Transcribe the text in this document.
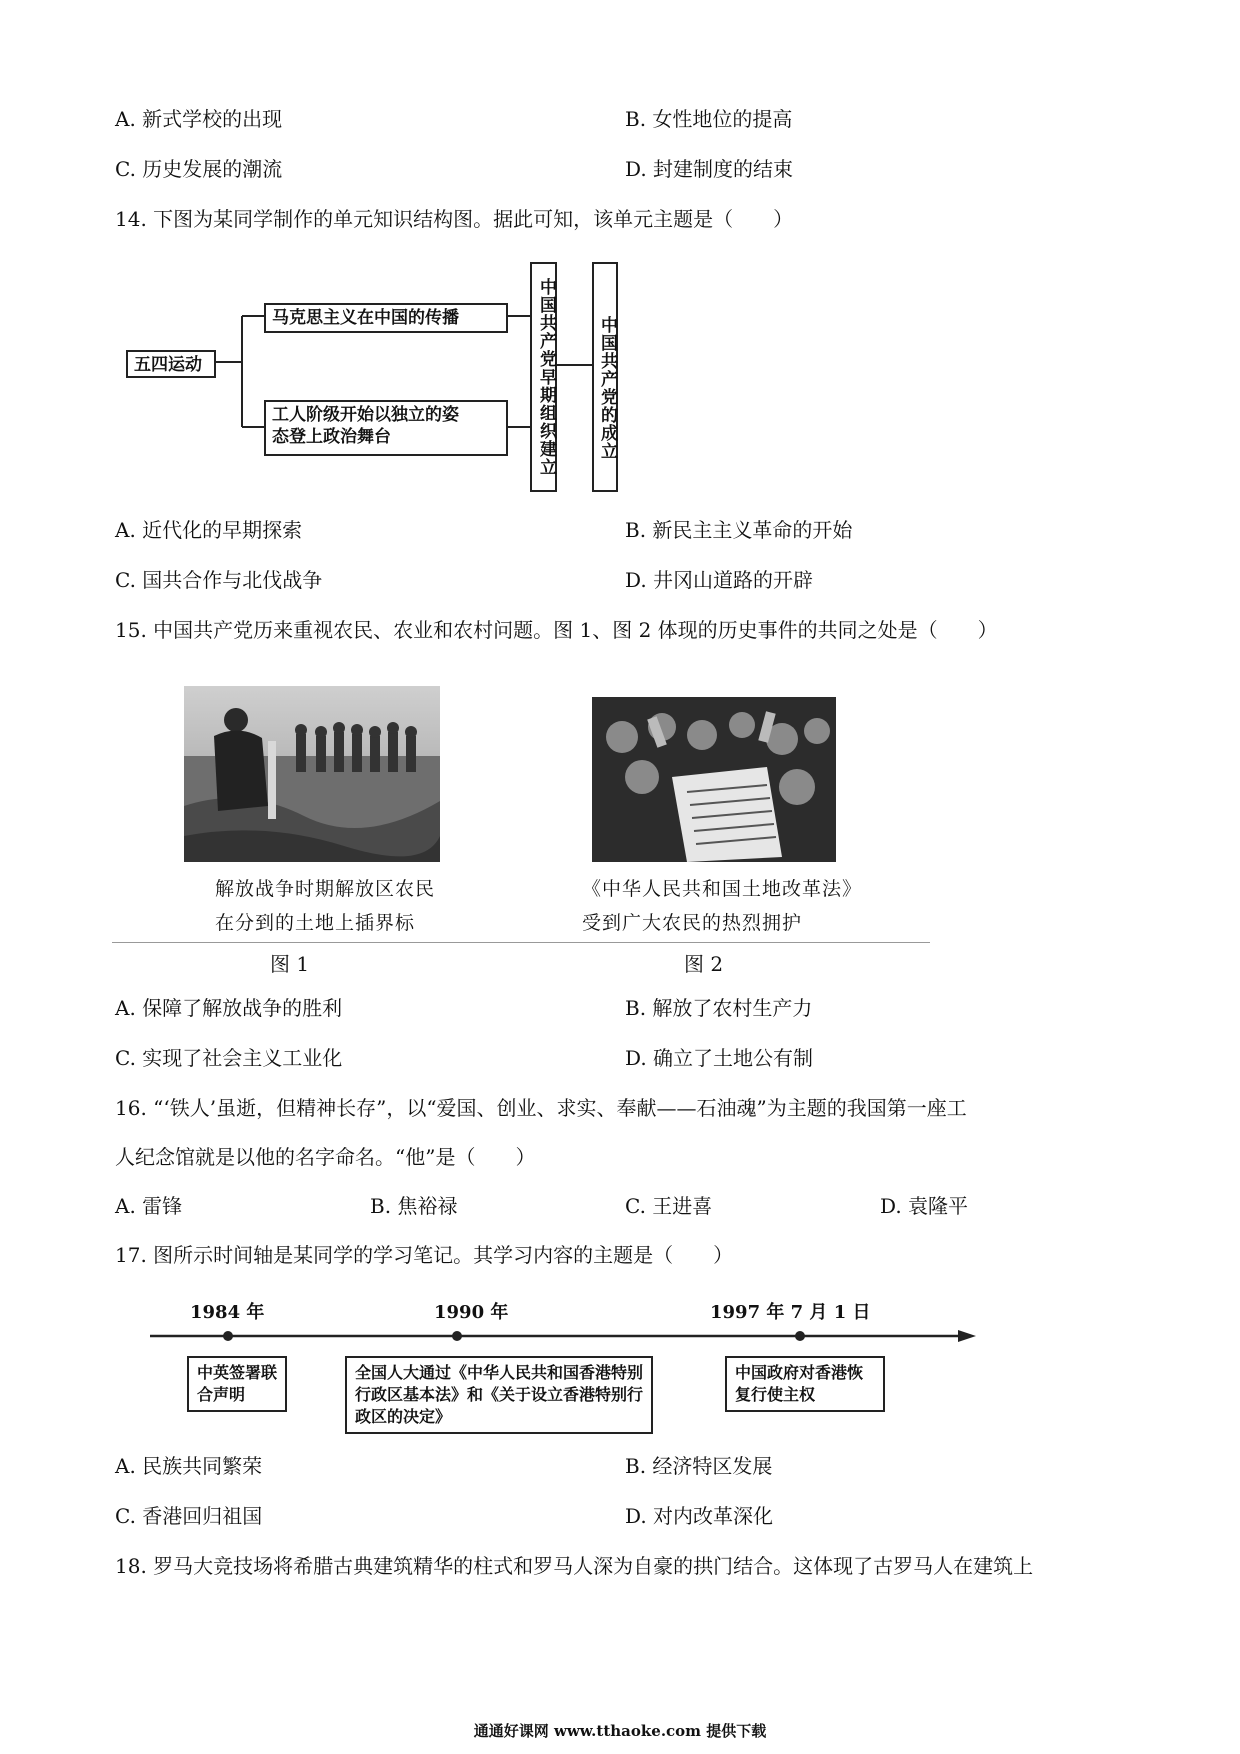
A. 新式学校的出现	B. 女性地位的提高
C. 历史发展的潮流	D. 封建制度的结束
14. 下图为某同学制作的单元知识结构图。据此可知，该单元主题是（　　）
五四运动
马克思主义在中国的传播
工人阶级开始以独立的姿
态登上政治舞台	中国共产党早期组织建立 中国共产党的成立
A. 近代化的早期探索	B. 新民主主义革命的开始
C. 国共合作与北伐战争	D. 井冈山道路的开辟
15. 中国共产党历来重视农民、农业和农村问题。图 1、图 2 体现的历史事件的共同之处是（　　）
解放战争时期解放区农民
在分到的土地上插界标
《中华人民共和国土地改革法》
受到广大农民的热烈拥护
图 1	图 2
A. 保障了解放战争的胜利	B. 解放了农村生产力
C. 实现了社会主义工业化	D. 确立了土地公有制
16. “‘铁人’虽逝，但精神长存”，以“爱国、创业、求实、奉献——石油魂”为主题的我国第一座工
人纪念馆就是以他的名字命名。“他”是（　　）
A. 雷锋	B. 焦裕禄	C. 王进喜	D. 袁隆平
17. 图所示时间轴是某同学的学习笔记。其学习内容的主题是（　　）
1984 年	1990 年	1997 年 7 月 1 日
中英签署联合声明
全国人大通过《中华人民共和国香港特别行政区基本法》和《关于设立香港特别行政区的决定》
中国政府对香港恢复行使主权
A. 民族共同繁荣	B. 经济特区发展
C. 香港回归祖国	D. 对内改革深化
18. 罗马大竞技场将希腊古典建筑精华的柱式和罗马人深为自豪的拱门结合。这体现了古罗马人在建筑上
通通好课网 www.tthaoke.com 提供下载
